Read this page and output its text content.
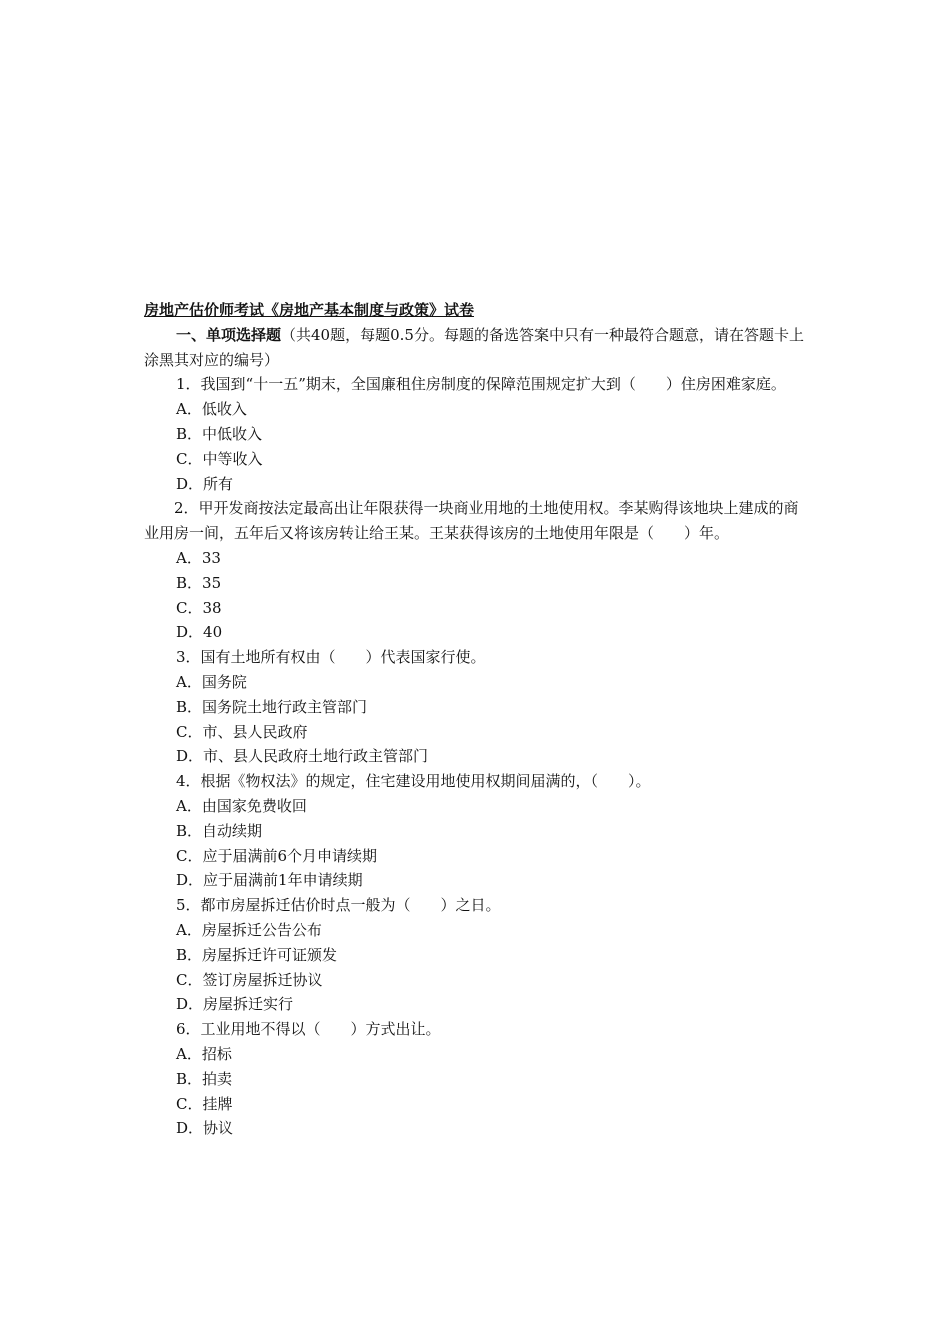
房地产估价师考试《房地产基本制度与政策》试卷

一、单项选择题（共40题，每题0.5分。每题的备选答案中只有一种最符合题意，请在答题卡上涂黑其对应的编号）

1．我国到“十一五”期末，全国廉租住房制度的保障范围规定扩大到（　　）住房困难家庭。

A．低收入

B．中低收入

C．中等收入

D．所有

2．甲开发商按法定最高出让年限获得一块商业用地的土地使用权。李某购得该地块上建成的商业用房一间，五年后又将该房转让给王某。王某获得该房的土地使用年限是（　　）年。

A．33

B．35

C．38

D．40

3．国有土地所有权由（　　）代表国家行使。

A．国务院

B．国务院土地行政主管部门

C．市、县人民政府

D．市、县人民政府土地行政主管部门

4．根据《物权法》的规定，住宅建设用地使用权期间届满的，（　　）。

A．由国家免费收回

B．自动续期

C．应于届满前6个月申请续期

D．应于届满前1年申请续期

5．都市房屋拆迁估价时点一般为（　　）之日。

A．房屋拆迁公告公布

B．房屋拆迁许可证颁发

C．签订房屋拆迁协议

D．房屋拆迁实行

6．工业用地不得以（　　）方式出让。

A．招标

B．拍卖

C．挂牌

D．协议
